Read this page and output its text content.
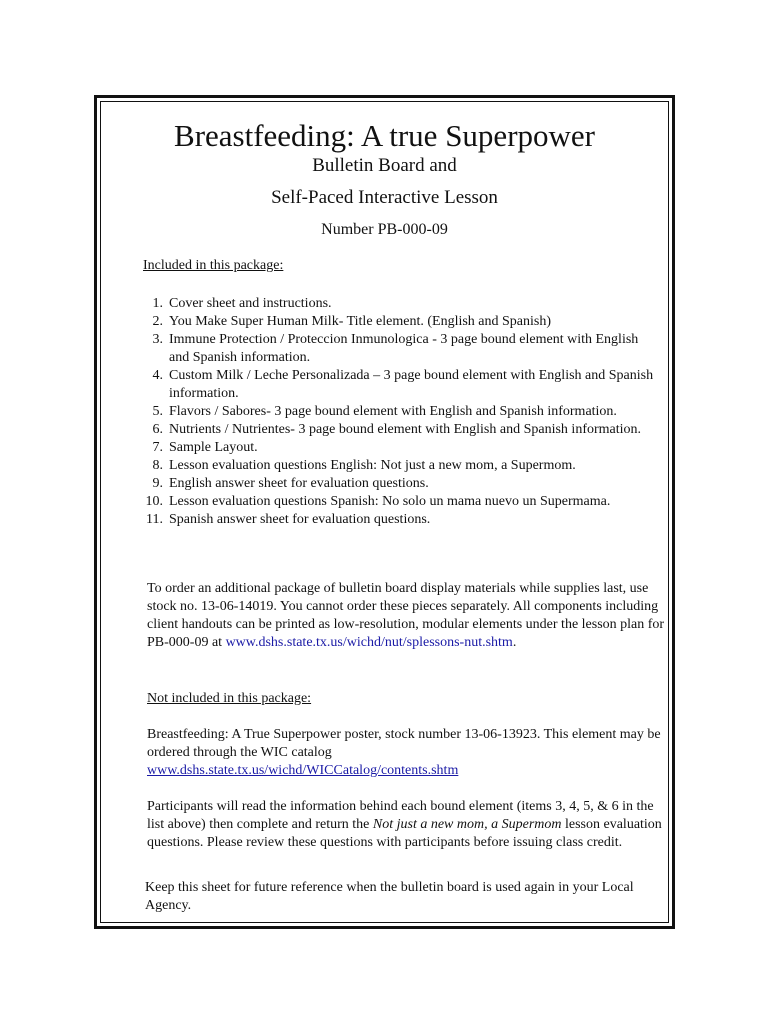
Breastfeeding: A true Superpower
Bulletin Board and
Self-Paced Interactive Lesson
Number PB-000-09
Included in this package:
1. Cover sheet and instructions.
2. You Make Super Human Milk- Title element. (English and Spanish)
3. Immune Protection / Proteccion Inmunologica - 3 page bound element with English and Spanish information.
4. Custom Milk / Leche Personalizada – 3 page bound element with English and Spanish information.
5. Flavors / Sabores- 3 page bound element with English and Spanish information.
6. Nutrients / Nutrientes- 3 page bound element with English and Spanish information.
7. Sample Layout.
8. Lesson evaluation questions English: Not just a new mom, a Supermom.
9. English answer sheet for evaluation questions.
10. Lesson evaluation questions Spanish: No solo un mama nuevo un Supermama.
11. Spanish answer sheet for evaluation questions.
To order an additional package of bulletin board display materials while supplies last, use stock no. 13-06-14019. You cannot order these pieces separately. All components including client handouts can be printed as low-resolution, modular elements under the lesson plan for PB-000-09 at www.dshs.state.tx.us/wichd/nut/splessons-nut.shtm.
Not included in this package:
Breastfeeding: A True Superpower poster, stock number 13-06-13923. This element may be ordered through the WIC catalog
www.dshs.state.tx.us/wichd/WICCatalog/contents.shtm
Participants will read the information behind each bound element (items 3, 4, 5, & 6 in the list above) then complete and return the Not just a new mom, a Supermom lesson evaluation questions. Please review these questions with participants before issuing class credit.
Keep this sheet for future reference when the bulletin board is used again in your Local Agency.
